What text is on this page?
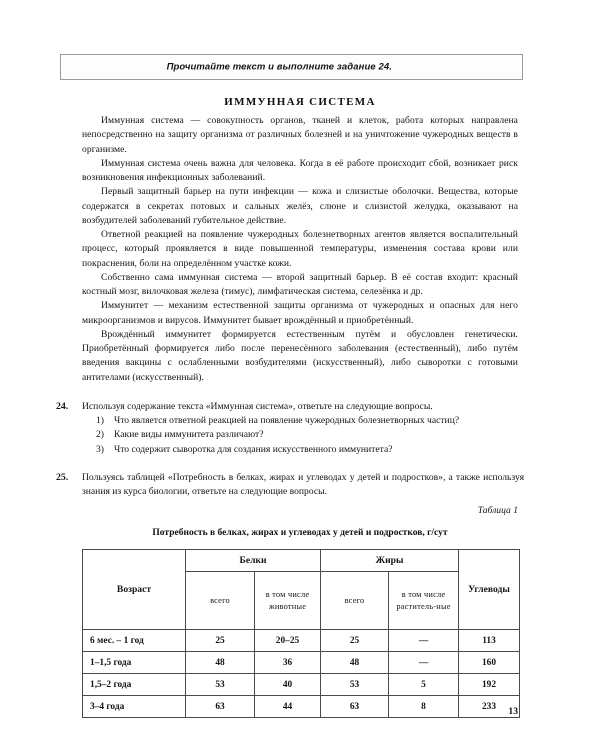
Прочитайте текст и выполните задание 24.
ИММУННАЯ СИСТЕМА

Иммунная система — совокупность органов, тканей и клеток, работа которых направлена непосредственно на защиту организма от различных болезней и на уничтожение чужеродных веществ в организме.

Иммунная система очень важна для человека. Когда в её работе происходит сбой, возникает риск возникновения инфекционных заболеваний.

Первый защитный барьер на пути инфекции — кожа и слизистые оболочки. Вещества, которые содержатся в секретах потовых и сальных желёз, слюне и слизистой желудка, оказывают на возбудителей заболеваний губительное действие.

Ответной реакцией на появление чужеродных болезнетворных агентов является воспалительный процесс, который проявляется в виде повышенной температуры, изменения состава крови или покраснения, боли на определённом участке кожи.

Собственно сама иммунная система — второй защитный барьер. В её состав входит: красный костный мозг, вилочковая железа (тимус), лимфатическая система, селезёнка и др.

Иммунитет — механизм естественной защиты организма от чужеродных и опасных для него микроорганизмов и вирусов. Иммунитет бывает врождённый и приобретённый.

Врождённый иммунитет формируется естественным путём и обусловлен генетически. Приобретённый формируется либо после перенесённого заболевания (естественный), либо путём введения вакцины с ослабленными возбудителями (искусственный), либо сыворотки с готовыми антителами (искусственный).

24.	Используя содержание текста «Иммунная система», ответьте на следующие вопросы.

1)	Что является ответной реакцией на появление чужеродных болезнетворных частиц?
2)	Какие виды иммунитета различают?
3)	Что содержит сыворотка для создания искусственного иммунитета?
25.	Пользуясь таблицей «Потребность в белках, жирах и углеводах у детей и подростков», а также используя знания из курса биологии, ответьте на следующие вопросы.

Таблица 1
Потребность в белках, жирах и углеводах у детей и подростков, г/сут
Возраст	Белки		Жиры		Углеводы
	всего	в том числе животные	всего	в том числе раститель-ные	
6 мес. – 1 год	25	20–25	25	—	113
1–1,5 года	48	36	48	—	160
1,5–2 года	53	40	53	5	192
3–4 года	63	44	63	8	233 13
